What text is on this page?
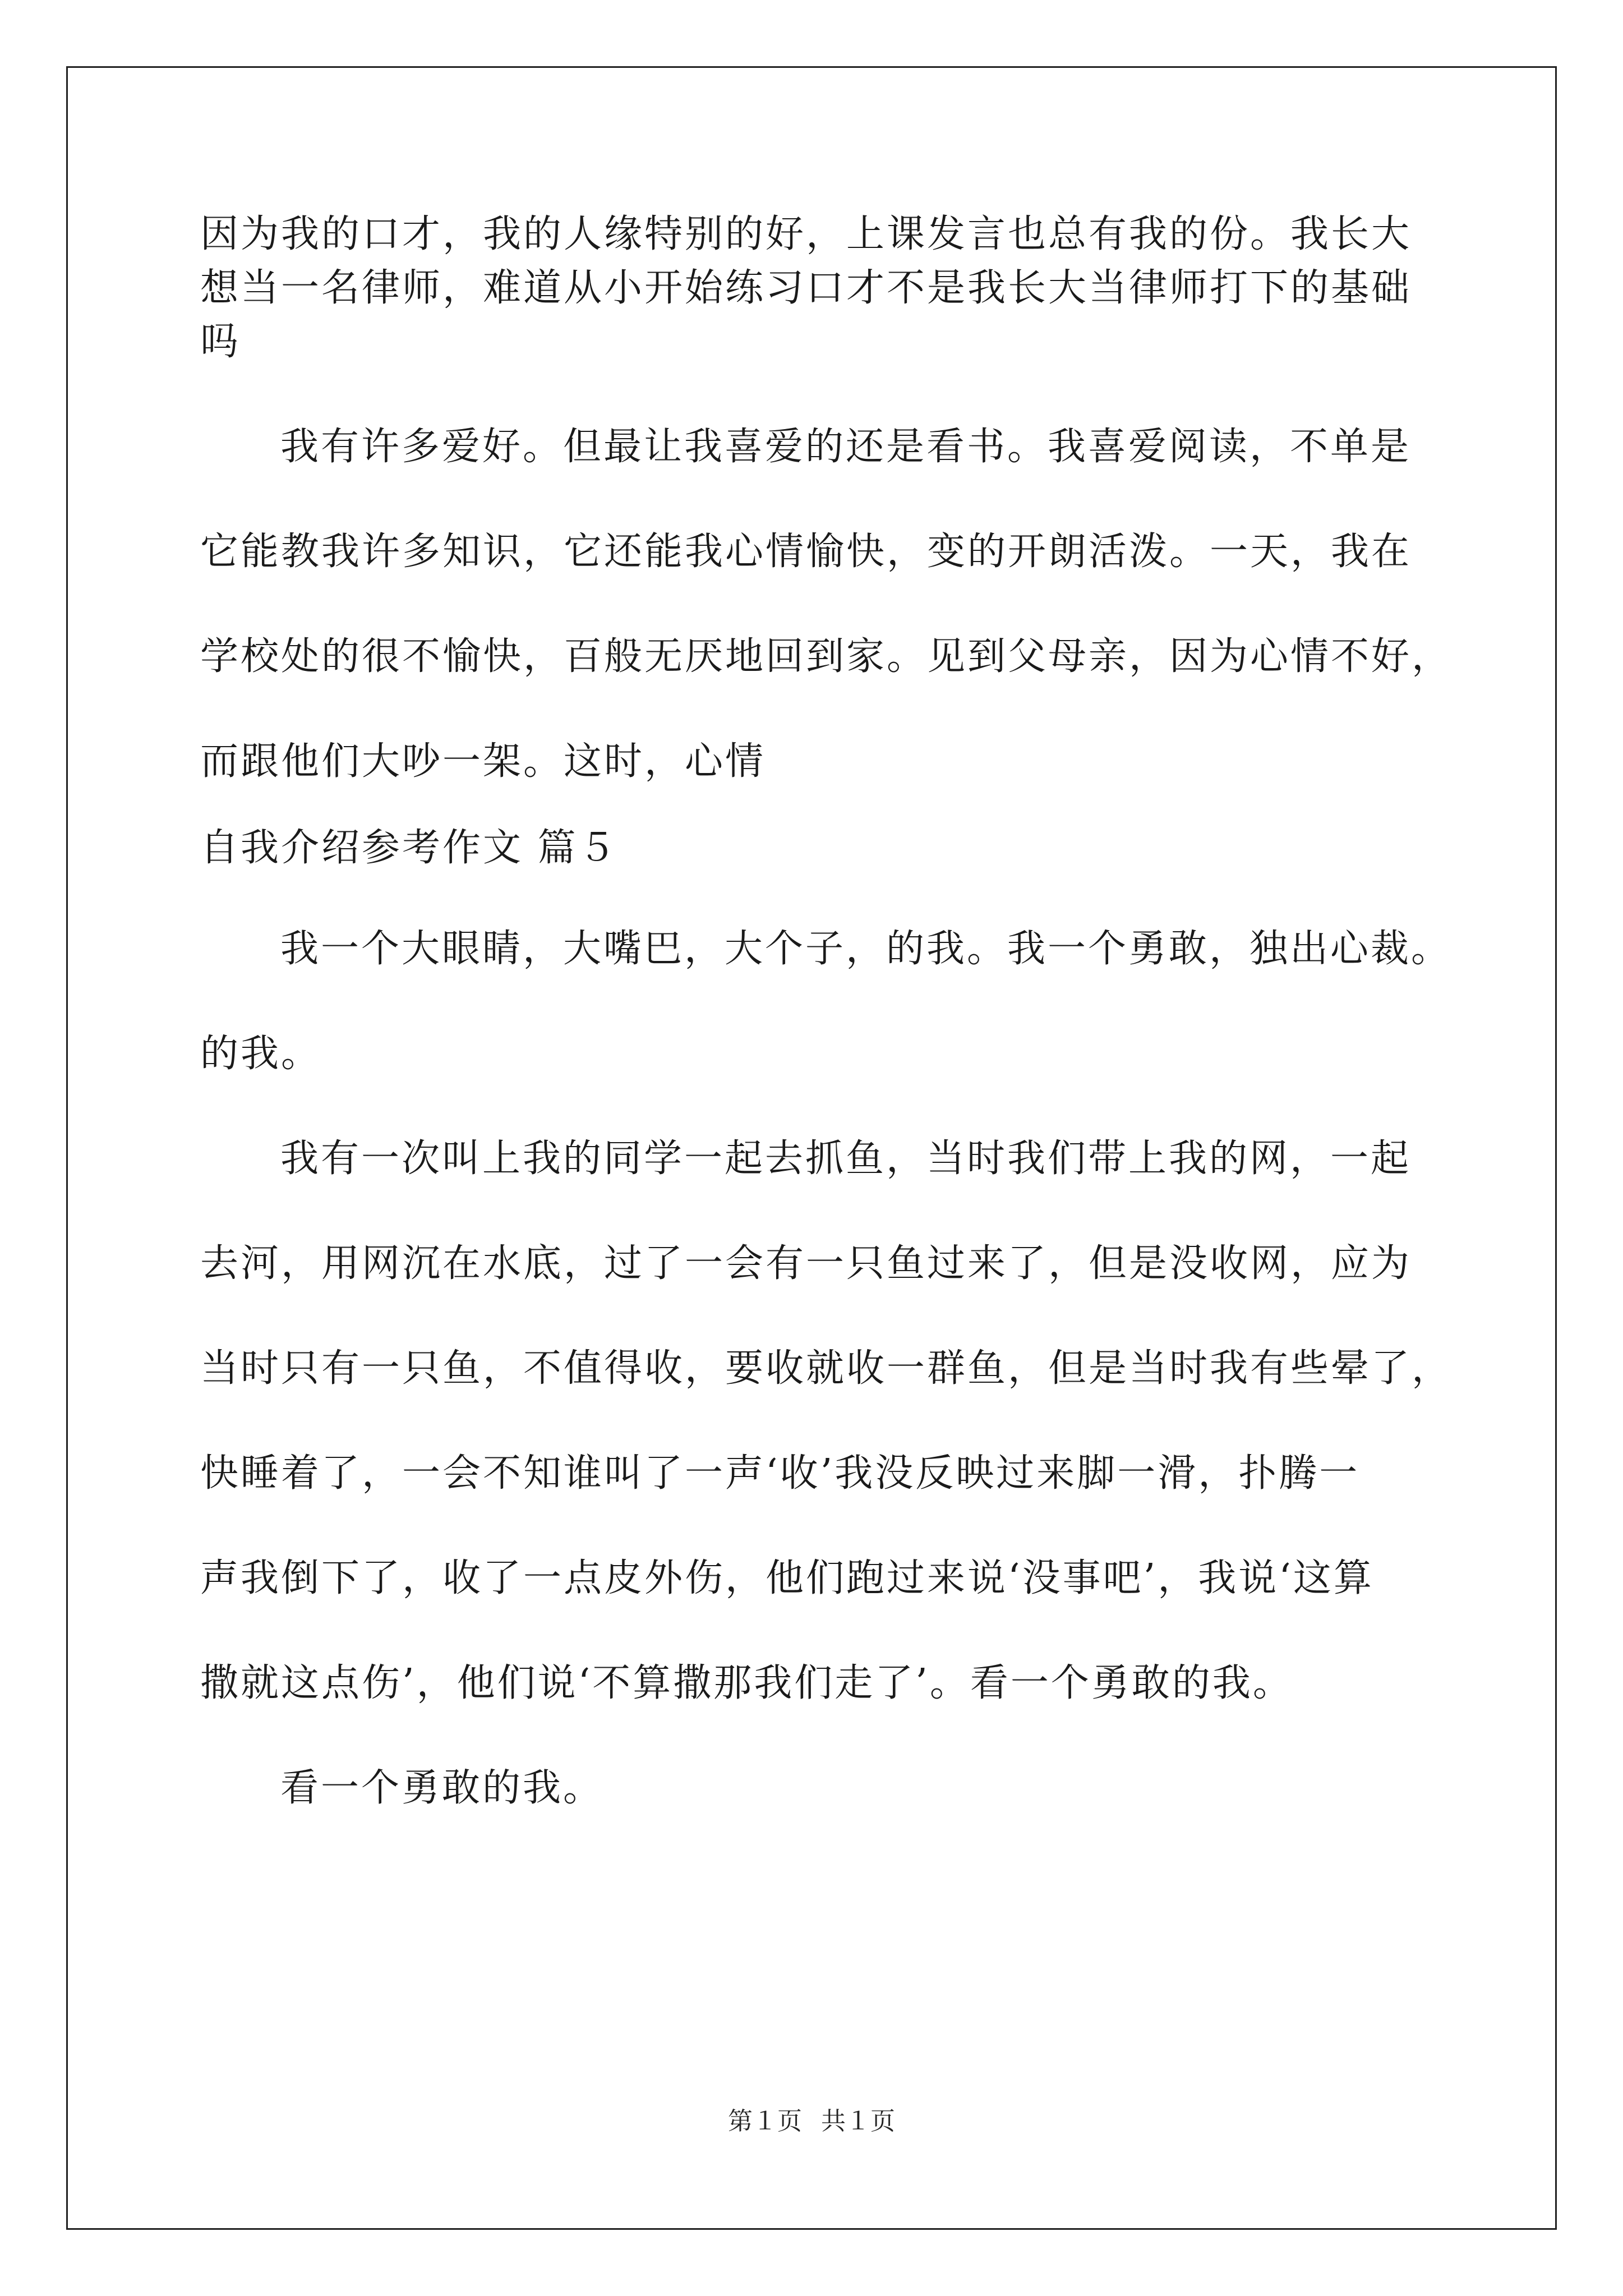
因为我的口才，我的人缘特别的好，上课发言也总有我的份。我长大
想当一名律师，难道从小开始练习口才不是我长大当律师打下的基础
吗
我有许多爱好。但最让我喜爱的还是看书。我喜爱阅读，不单是
它能教我许多知识，它还能我心情愉快，变的开朗活泼。一天，我在
学校处的很不愉快，百般无厌地回到家。见到父母亲，因为心情不好，
而跟他们大吵一架。这时，心情
自我介绍参考作文 篇５
我一个大眼睛，大嘴巴，大个子，的我。我一个勇敢，独出心裁。
的我。
我有一次叫上我的同学一起去抓鱼，当时我们带上我的网，一起
去河，用网沉在水底，过了一会有一只鱼过来了，但是没收网，应为
当时只有一只鱼，不值得收，要收就收一群鱼，但是当时我有些晕了，
快睡着了，一会不知谁叫了一声‘收’我没反映过来脚一滑，扑腾一
声我倒下了，收了一点皮外伤，他们跑过来说‘没事吧’，我说‘这算
撒就这点伤’，他们说‘不算撒那我们走了’。看一个勇敢的我。
看一个勇敢的我。
第１页 共１页
